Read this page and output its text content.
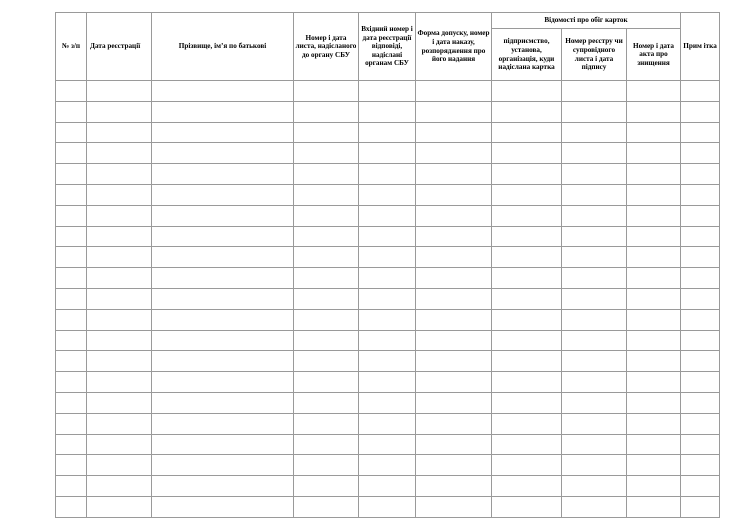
№ з/п	Дата реєстрації	Прізвище, ім’я по батькові	Номер і дата листа, надісланого до органу СБУ	Вхідний номер і дата реєстрації відповіді, надіслані органам СБУ	Форма допуску, номер і дата наказу, розпорядження про його надання	Відомості про обіг карток			Прим ітка
						підприємство, установа, організація, куди надіслана картка	Номер реєстру чи супровідного листа і дата підпису	Номер і дата акта про знищення	
